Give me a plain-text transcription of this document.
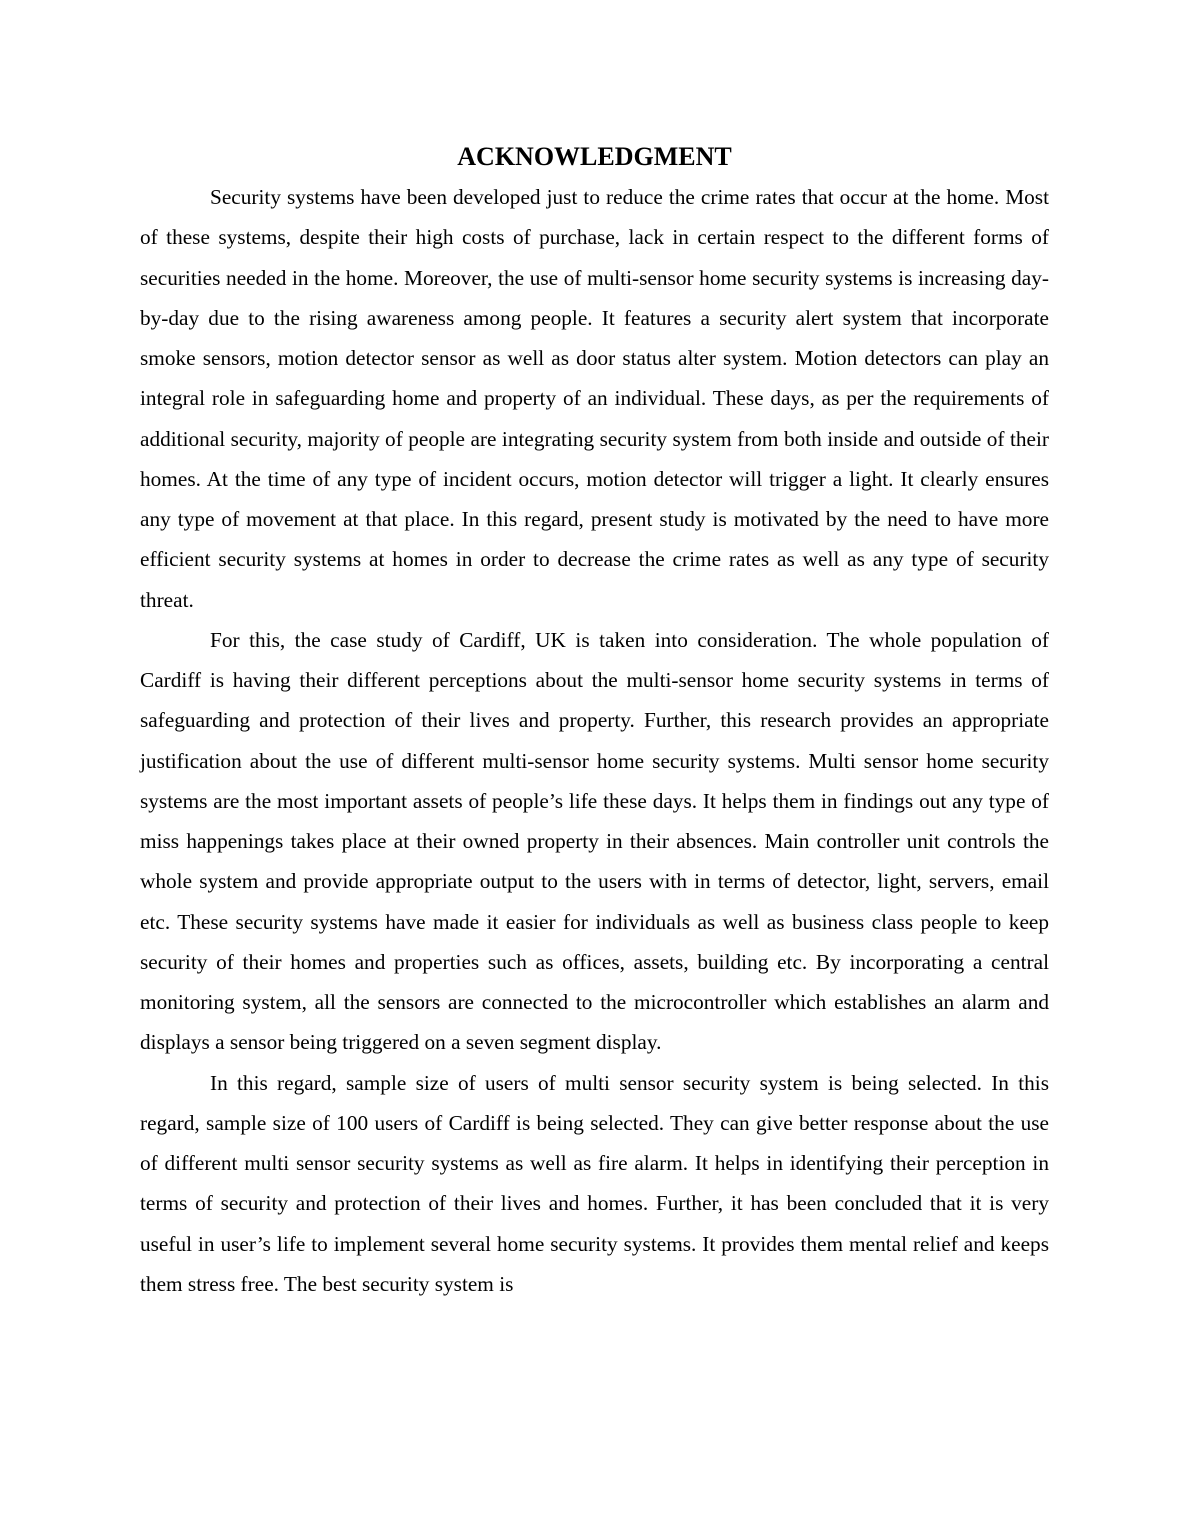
ACKNOWLEDGMENT

Security systems have been developed just to reduce the crime rates that occur at the home. Most of these systems, despite their high costs of purchase, lack in certain respect to the different forms of securities needed in the home. Moreover, the use of multi-sensor home security systems is increasing day-by-day due to the rising awareness among people. It features a security alert system that incorporate smoke sensors, motion detector sensor as well as door status alter system. Motion detectors can play an integral role in safeguarding home and property of an individual. These days, as per the requirements of additional security, majority of people are integrating security system from both inside and outside of their homes. At the time of any type of incident occurs, motion detector will trigger a light. It clearly ensures any type of movement at that place. In this regard, present study is motivated by the need to have more efficient security systems at homes in order to decrease the crime rates as well as any type of security threat.

For this, the case study of Cardiff, UK is taken into consideration. The whole population of Cardiff is having their different perceptions about the multi-sensor home security systems in terms of safeguarding and protection of their lives and property. Further, this research provides an appropriate justification about the use of different multi-sensor home security systems. Multi sensor home security systems are the most important assets of people’s life these days. It helps them in findings out any type of miss happenings takes place at their owned property in their absences. Main controller unit controls the whole system and provide appropriate output to the users with in terms of detector, light, servers, email etc. These security systems have made it easier for individuals as well as business class people to keep security of their homes and properties such as offices, assets, building etc. By incorporating a central monitoring system, all the sensors are connected to the microcontroller which establishes an alarm and displays a sensor being triggered on a seven segment display.

In this regard, sample size of users of multi sensor security system is being selected. In this regard, sample size of 100 users of Cardiff is being selected. They can give better response about the use of different multi sensor security systems as well as fire alarm. It helps in identifying their perception in terms of security and protection of their lives and homes. Further, it has been concluded that it is very useful in user’s life to implement several home security systems. It provides them mental relief and keeps them stress free. The best security system is
